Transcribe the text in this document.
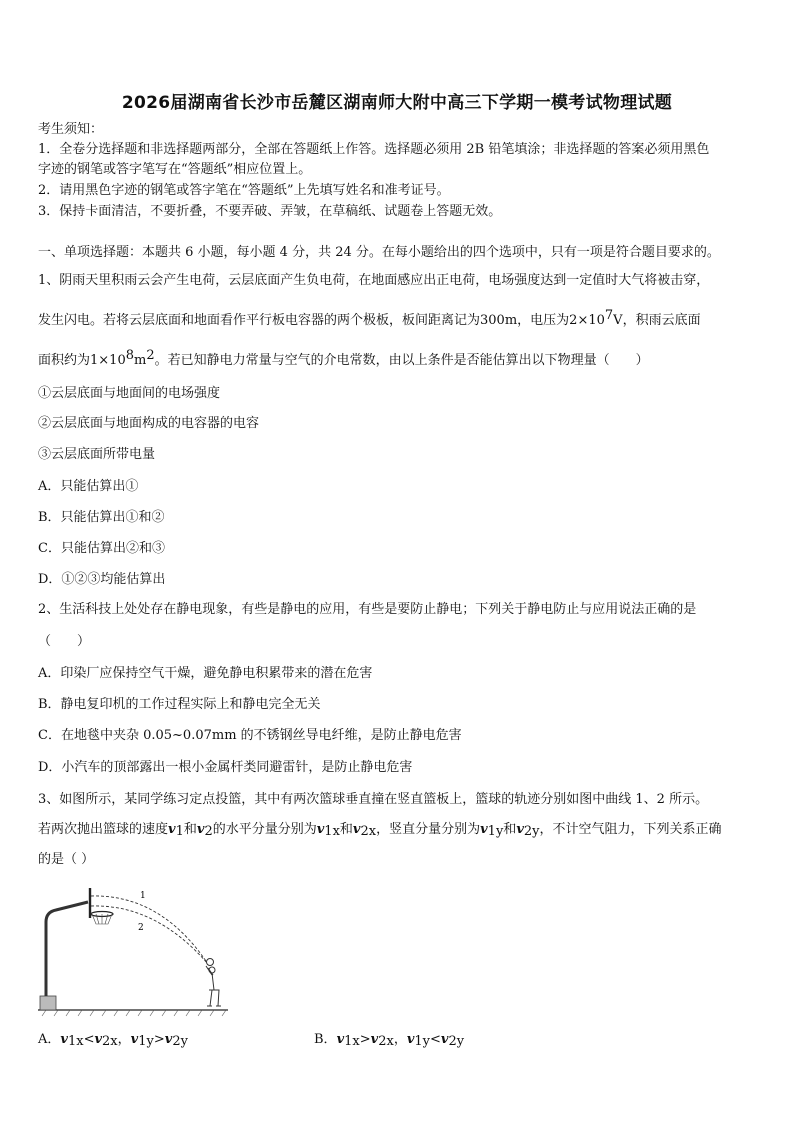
2026届湖南省长沙市岳麓区湖南师大附中高三下学期一模考试物理试题
考生须知：
1．全卷分选择题和非选择题两部分，全部在答题纸上作答。选择题必须用 2B 铅笔填涂；非选择题的答案必须用黑色
字迹的钢笔或答字笔写在“答题纸”相应位置上。
2．请用黑色字迹的钢笔或答字笔在“答题纸”上先填写姓名和准考证号。
3．保持卡面清洁，不要折叠，不要弄破、弄皱，在草稿纸、试题卷上答题无效。
一、单项选择题：本题共 6 小题，每小题 4 分，共 24 分。在每小题给出的四个选项中，只有一项是符合题目要求的。
1、阴雨天里积雨云会产生电荷，云层底面产生负电荷，在地面感应出正电荷，电场强度达到一定值时大气将被击穿，
发生闪电。若将云层底面和地面看作平行板电容器的两个极板，板间距离记为300m，电压为2×107V，积雨云底面
面积约为1×108m2。若已知静电力常量与空气的介电常数，由以上条件是否能估算出以下物理量（　　）
①云层底面与地面间的电场强度
②云层底面与地面构成的电容器的电容
③云层底面所带电量
A．只能估算出①
B．只能估算出①和②
C．只能估算出②和③
D．①②③均能估算出
2、生活科技上处处存在静电现象，有些是静电的应用，有些是要防止静电；下列关于静电防止与应用说法正确的是
（　　）
A．印染厂应保持空气干燥，避免静电积累带来的潜在危害
B．静电复印机的工作过程实际上和静电完全无关
C．在地毯中夹杂 0.05~0.07mm 的不锈钢丝导电纤维，是防止静电危害
D．小汽车的顶部露出一根小金属杆类同避雷针，是防止静电危害
3、如图所示，某同学练习定点投篮，其中有两次篮球垂直撞在竖直篮板上，篮球的轨迹分别如图中曲线 1、2 所示。
若两次抛出篮球的速度v1和v2的水平分量分别为v1x和v2x，竖直分量分别为v1y和v2y，不计空气阻力，下列关系正确
的是（ ）
1
2
A．v1x<v2x，v1y>v2y	B．v1x>v2x，v1y<v2y
